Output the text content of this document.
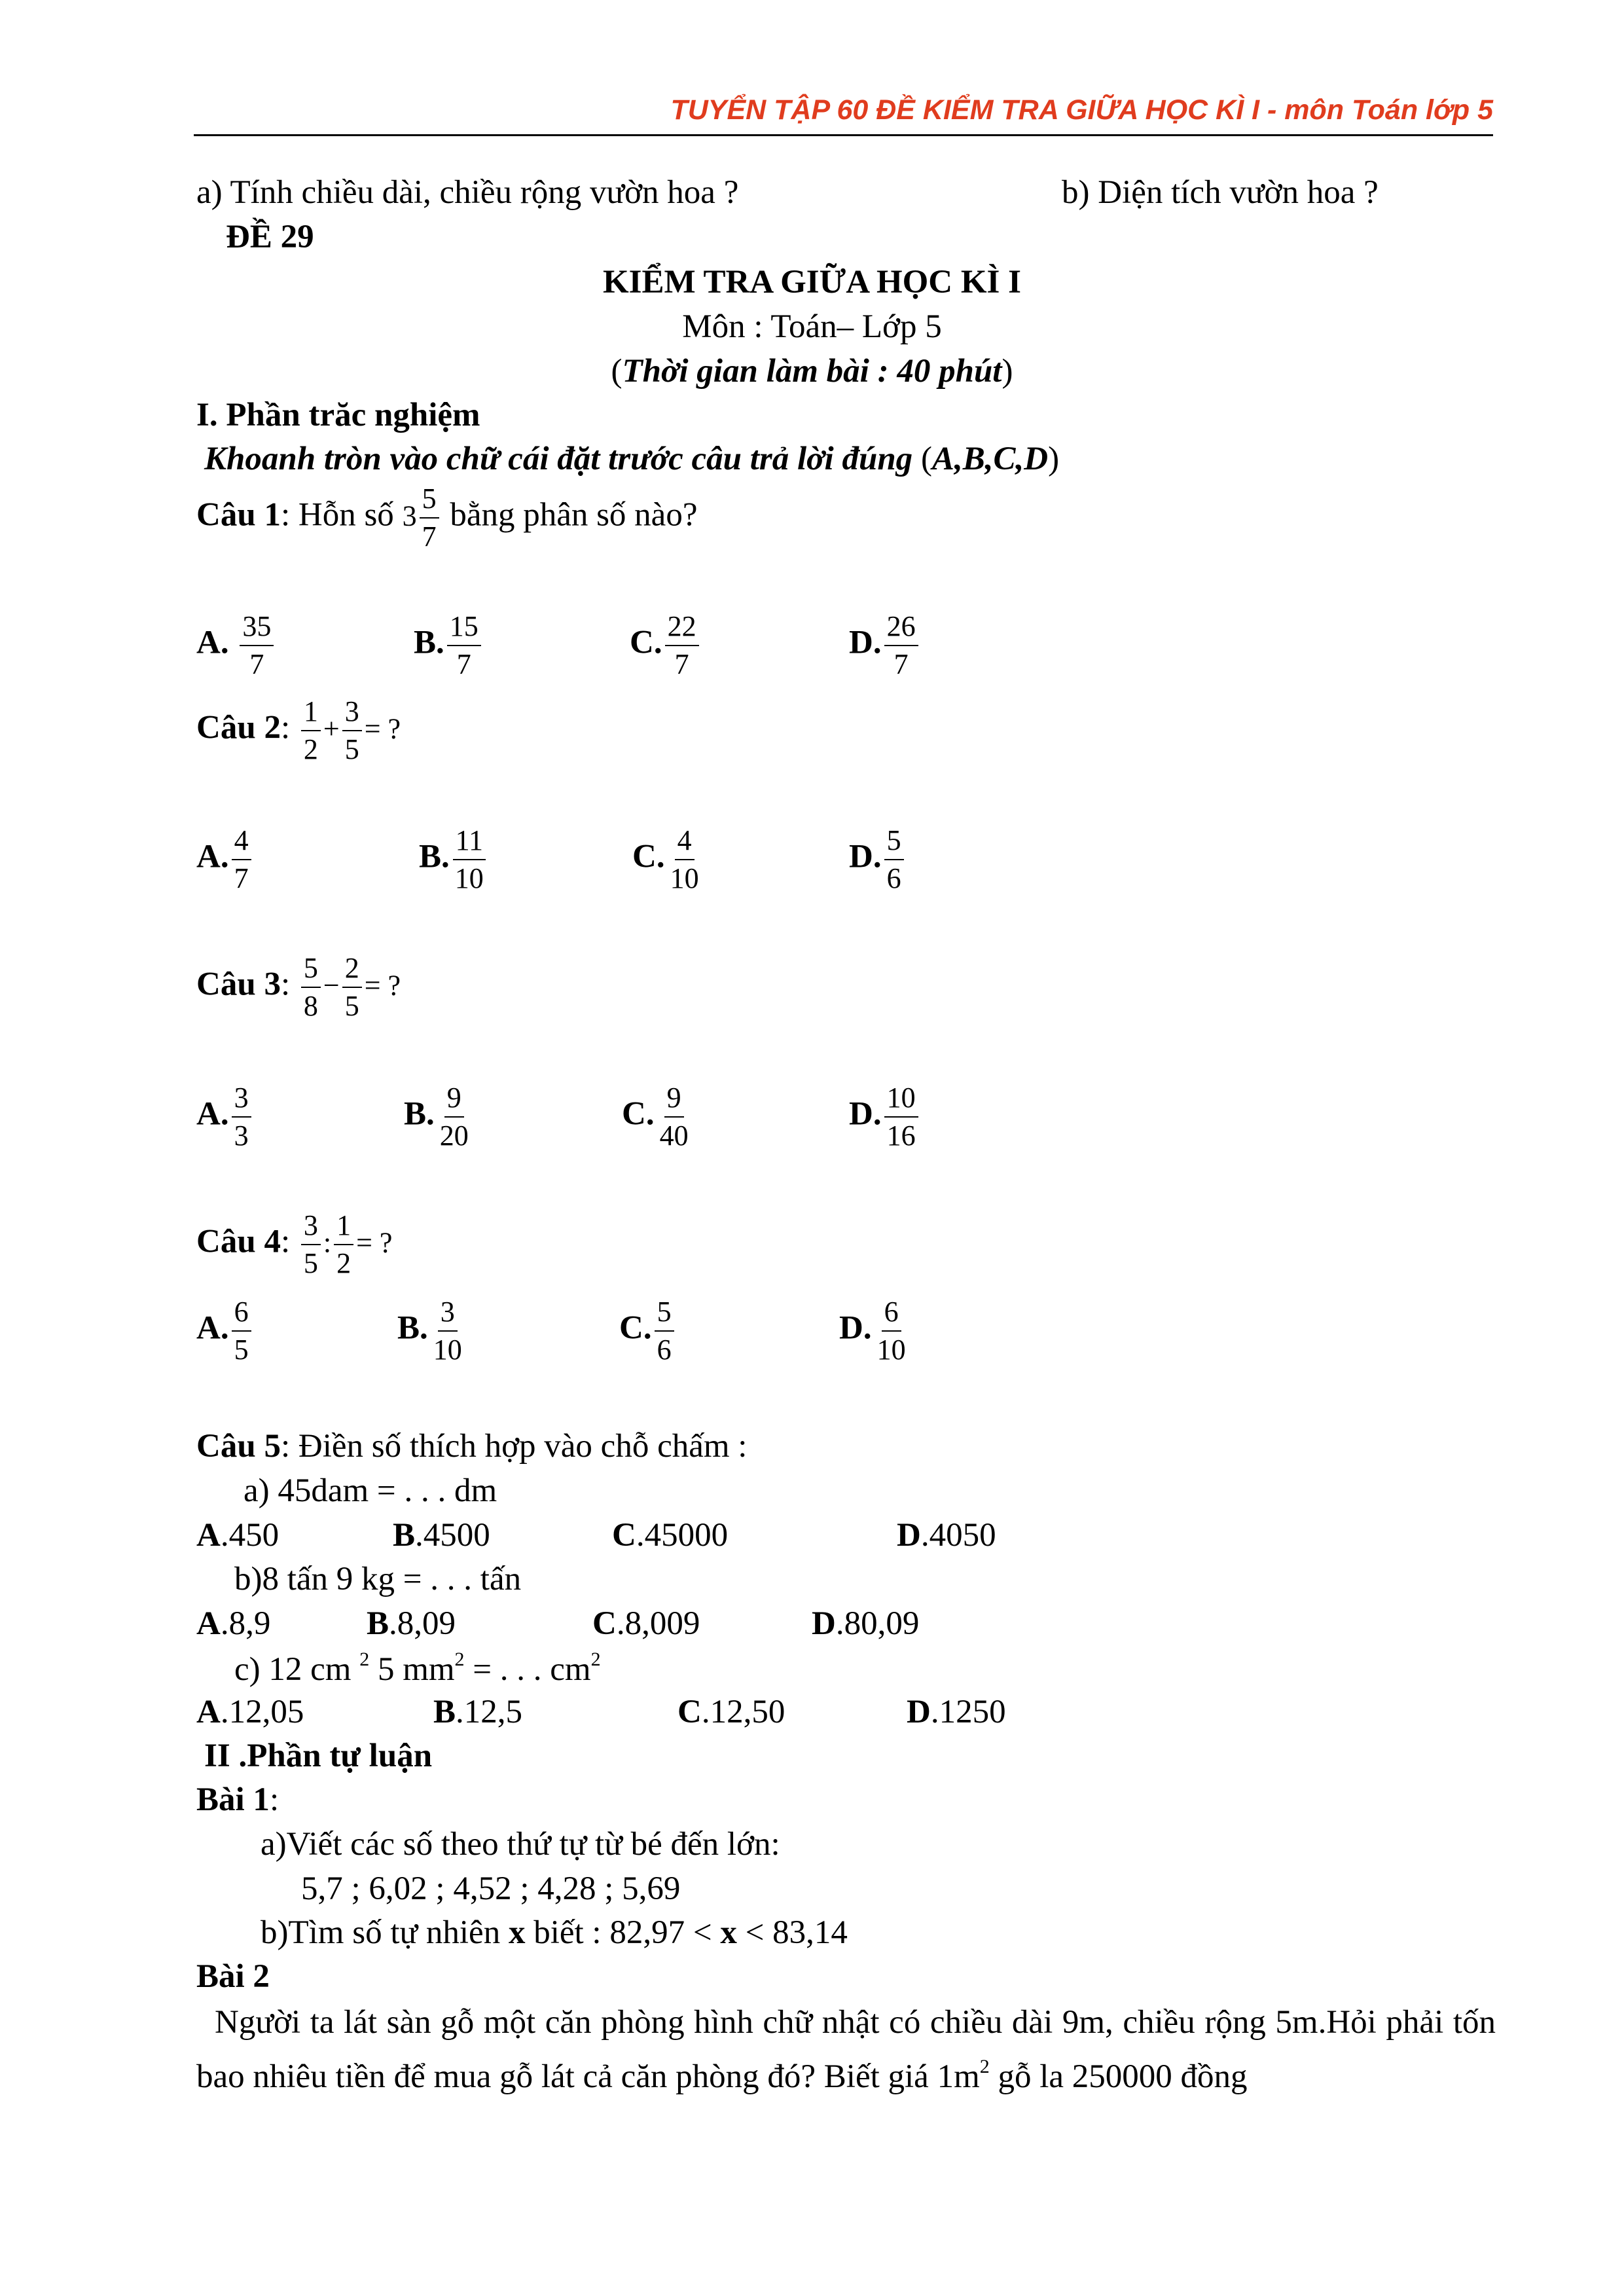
TUYỂN TẬP 60 ĐỀ KIỂM TRA GIỮA HỌC KÌ I - môn Toán lớp 5
a) Tính chiều dài, chiều rộng vườn hoa ?	b) Diện tích vườn hoa ?
ĐỀ 29
KIỂM TRA GIỮA HỌC KÌ I
Môn : Toán– Lớp 5
(Thời gian làm bài : 40 phút)
I. Phần trăc nghiệm
Khoanh tròn vào chữ cái đặt trước câu trả lời đúng (A,B,C,D)
Câu 1: Hỗn số $3 \frac{5}{7}$ bằng phân số nào?
A. $\frac{35}{7}$	B. $\frac{15}{7}$	C. $\frac{22}{7}$	D. $\frac{26}{7}$
Câu 2: $\frac{1}{2} + \frac{3}{5}$ = ?
A. $\frac{4}{7}$	B. $\frac{11}{10}$	C. $\frac{4}{10}$	D. $\frac{5}{6}$
Câu 3: $\frac{5}{8} - \frac{2}{5}$ = ?
A. $\frac{3}{3}$	B. $\frac{9}{20}$	C. $\frac{9}{40}$	D. $\frac{10}{16}$
Câu 4: $\frac{3}{5}$ : $\frac{1}{2}$ = ?
A. $\frac{6}{5}$	B. $\frac{3}{10}$	C. $\frac{5}{6}$	D. $\frac{6}{10}$
Câu 5: Điền số thích hợp vào chỗ chấm :
a) 45dam = . . . dm
A.450	B.4500	C.45000	D.4050
b)8 tấn 9 kg = . . . tấn
A.8,9	B.8,09	C.8,009	D.80,09
c) 12 cm $^2$ 5 $mm^2$ = . . . $cm^2$
A.12,05	B.12,5	C.12,50	D.1250
II .Phần tự luận
Bài 1:
a)Viết các số theo thứ tự từ bé đến lớn:
5,7 ; 6,02 ; 4,52 ; 4,28 ; 5,69
b)Tìm số tự nhiên x biết : 82,97 < x < 83,14
Bài 2
Người ta lát sàn gỗ một căn phòng hình chữ nhật có chiều dài 9m, chiều rộng 5m.Hỏi phải tốn bao nhiêu tiền để mua gỗ lát cả căn phòng đó? Biết giá $1m^2$ gỗ la 250000 đồng
